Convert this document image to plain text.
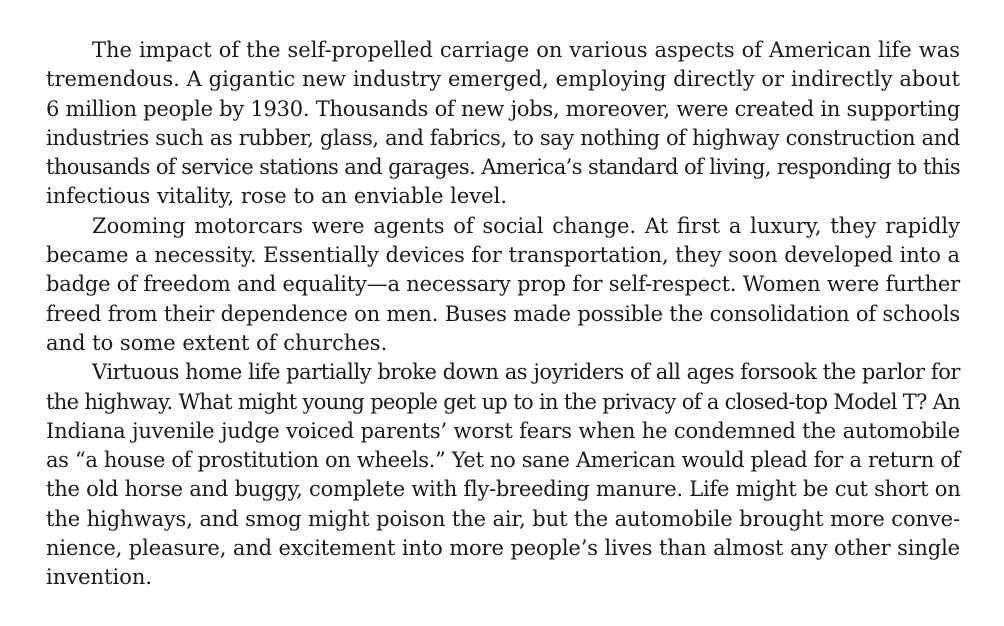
The impact of the self-propelled carriage on various aspects of American life was
tremendous. A gigantic new industry emerged, employing directly or indirectly about
6 million people by 1930. Thousands of new jobs, moreover, were created in supporting
industries such as rubber, glass, and fabrics, to say nothing of highway construction and
thousands of service stations and garages. America’s standard of living, responding to this
infectious vitality, rose to an enviable level.
Zooming motorcars were agents of social change. At first a luxury, they rapidly
became a necessity. Essentially devices for transportation, they soon developed into a
badge of freedom and equality—a necessary prop for self-respect. Women were further
freed from their dependence on men. Buses made possible the consolidation of schools
and to some extent of churches.
Virtuous home life partially broke down as joyriders of all ages forsook the parlor for
the highway. What might young people get up to in the privacy of a closed-top Model T? An
Indiana juvenile judge voiced parents’ worst fears when he condemned the automobile
as “a house of prostitution on wheels.” Yet no sane American would plead for a return of
the old horse and buggy, complete with fly-breeding manure. Life might be cut short on
the highways, and smog might poison the air, but the automobile brought more conve-
nience, pleasure, and excitement into more people’s lives than almost any other single
invention.
